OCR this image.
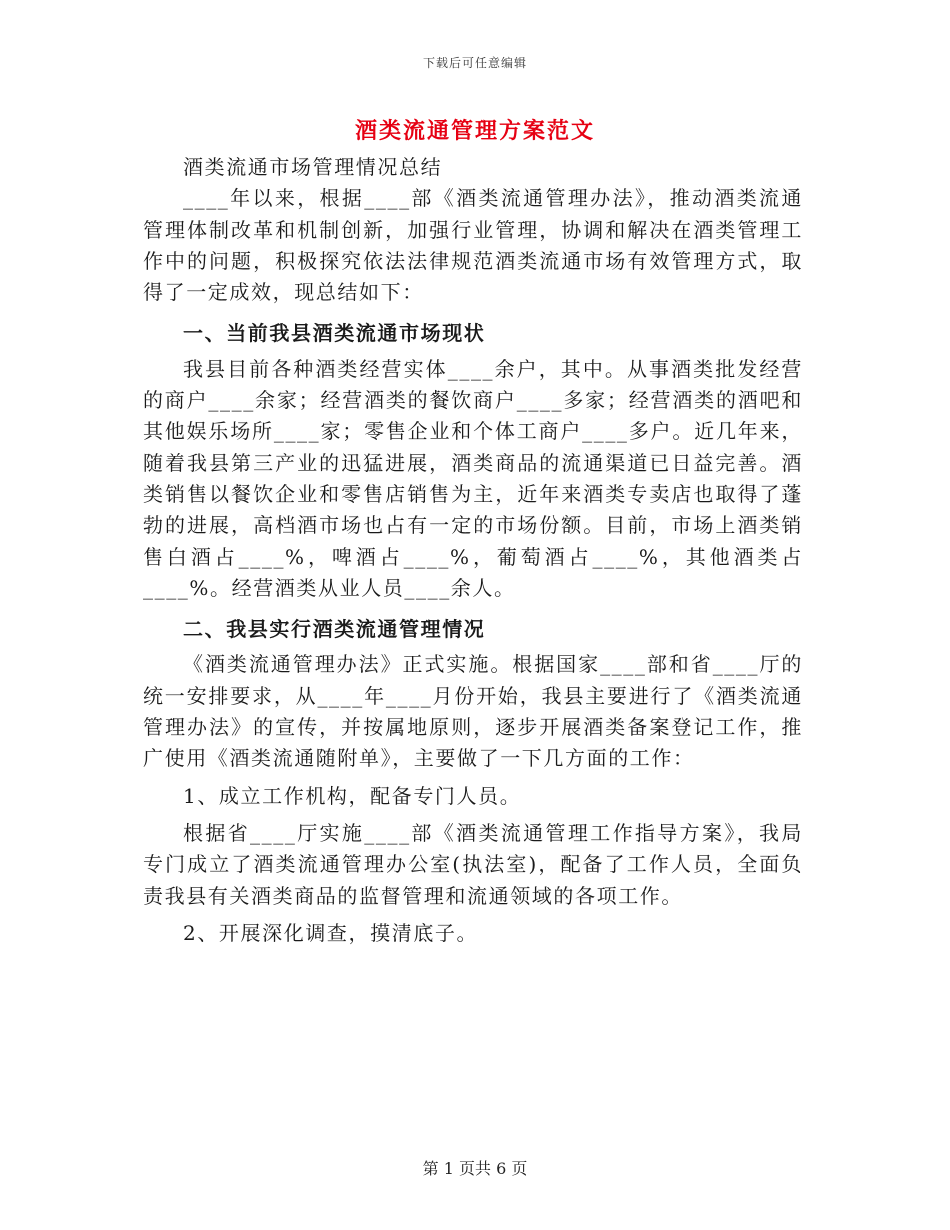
下载后可任意编辑
酒类流通管理方案范文

酒类流通市场管理情况总结

____年以来，根据____部《酒类流通管理办法》，推动酒类流通管理体制改革和机制创新，加强行业管理，协调和解决在酒类管理工作中的问题，积极探究依法法律规范酒类流通市场有效管理方式，取得了一定成效，现总结如下：

一、当前我县酒类流通市场现状

我县目前各种酒类经营实体____余户，其中。从事酒类批发经营的商户____余家；经营酒类的餐饮商户____多家；经营酒类的酒吧和其他娱乐场所____家；零售企业和个体工商户____多户。近几年来，随着我县第三产业的迅猛进展，酒类商品的流通渠道已日益完善。酒类销售以餐饮企业和零售店销售为主，近年来酒类专卖店也取得了蓬勃的进展，高档酒市场也占有一定的市场份额。目前，市场上酒类销售白酒占____%，啤酒占____%，葡萄酒占____%，其他酒类占____%。经营酒类从业人员____余人。

二、我县实行酒类流通管理情况

《酒类流通管理办法》正式实施。根据国家____部和省____厅的统一安排要求，从____年____月份开始，我县主要进行了《酒类流通管理办法》的宣传，并按属地原则，逐步开展酒类备案登记工作，推广使用《酒类流通随附单》，主要做了一下几方面的工作：

1、成立工作机构，配备专门人员。

根据省____厅实施____部《酒类流通管理工作指导方案》，我局专门成立了酒类流通管理办公室(执法室)，配备了工作人员，全面负责我县有关酒类商品的监督管理和流通领域的各项工作。

2、开展深化调查，摸清底子。

第 1 页共 6 页
